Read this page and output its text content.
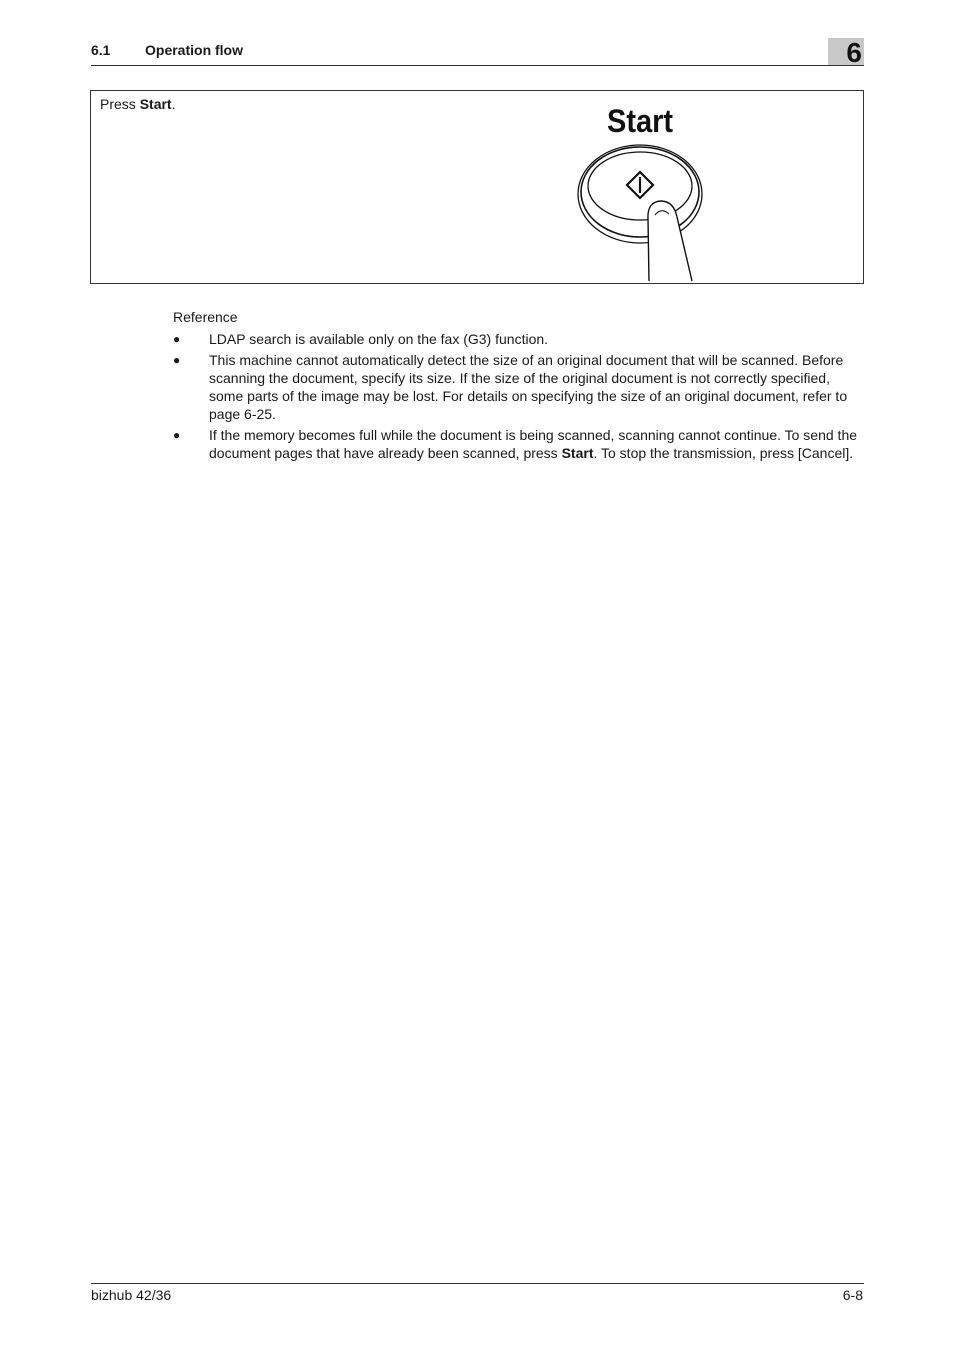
6.1 Operation flow	6
Press Start.	Start
Reference
● LDAP search is available only on the fax (G3) function.
● This machine cannot automatically detect the size of an original document that will be scanned. Before scanning the document, specify its size. If the size of the original document is not correctly specified, some parts of the image may be lost. For details on specifying the size of an original document, refer to page 6-25.
● If the memory becomes full while the document is being scanned, scanning cannot continue. To send the document pages that have already been scanned, press Start. To stop the transmission, press [Cancel].
bizhub 42/36	6-8
